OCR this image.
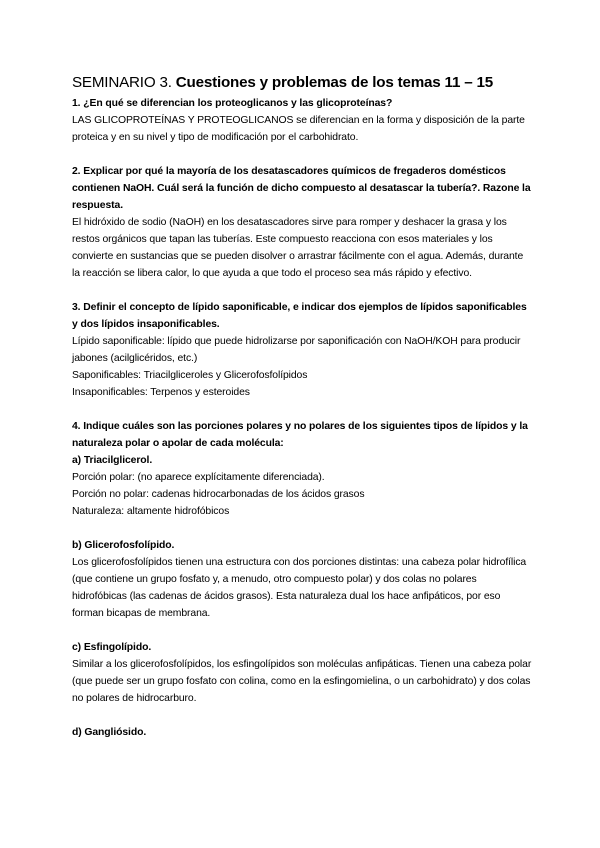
SEMINARIO 3. Cuestiones y problemas de los temas 11 – 15

1. ¿En qué se diferencian los proteoglicanos y las glicoproteínas?

LAS GLICOPROTEÍNAS Y PROTEOGLICANOS se diferencian en la forma y disposición de la parte proteica y en su nivel y tipo de modificación por el carbohidrato.

2. Explicar por qué la mayoría de los desatascadores químicos de fregaderos domésticos contienen NaOH. Cuál será la función de dicho compuesto al desatascar la tubería?. Razone la respuesta.

El hidróxido de sodio (NaOH) en los desatascadores sirve para romper y deshacer la grasa y los restos orgánicos que tapan las tuberías. Este compuesto reacciona con esos materiales y los convierte en sustancias que se pueden disolver o arrastrar fácilmente con el agua. Además, durante la reacción se libera calor, lo que ayuda a que todo el proceso sea más rápido y efectivo.

3. Definir el concepto de lípido saponificable, e indicar dos ejemplos de lípidos saponificables y dos lípidos insaponificables.

Lípido saponificable: lípido que puede hidrolizarse por saponificación con NaOH/KOH para producir jabones (acilglicéridos, etc.)

Saponificables: Triacilgliceroles y Glicerofosfolípidos

Insaponificables: Terpenos y esteroides

4. Indique cuáles son las porciones polares y no polares de los siguientes tipos de lípidos y la naturaleza polar o apolar de cada molécula:

a) Triacilglicerol.

Porción polar: (no aparece explícitamente diferenciada).

Porción no polar: cadenas hidrocarbonadas de los ácidos grasos

Naturaleza: altamente hidrofóbicos

b) Glicerofosfolípido.

Los glicerofosfolípidos tienen una estructura con dos porciones distintas: una cabeza polar hidrofílica (que contiene un grupo fosfato y, a menudo, otro compuesto polar) y dos colas no polares hidrofóbicas (las cadenas de ácidos grasos). Esta naturaleza dual los hace anfipáticos, por eso forman bicapas de membrana.

c) Esfingolípido.

Similar a los glicerofosfolípidos, los esfingolípidos son moléculas anfipáticas. Tienen una cabeza polar (que puede ser un grupo fosfato con colina, como en la esfingomielina, o un carbohidrato) y dos colas no polares de hidrocarburo.

d) Gangliósido.
